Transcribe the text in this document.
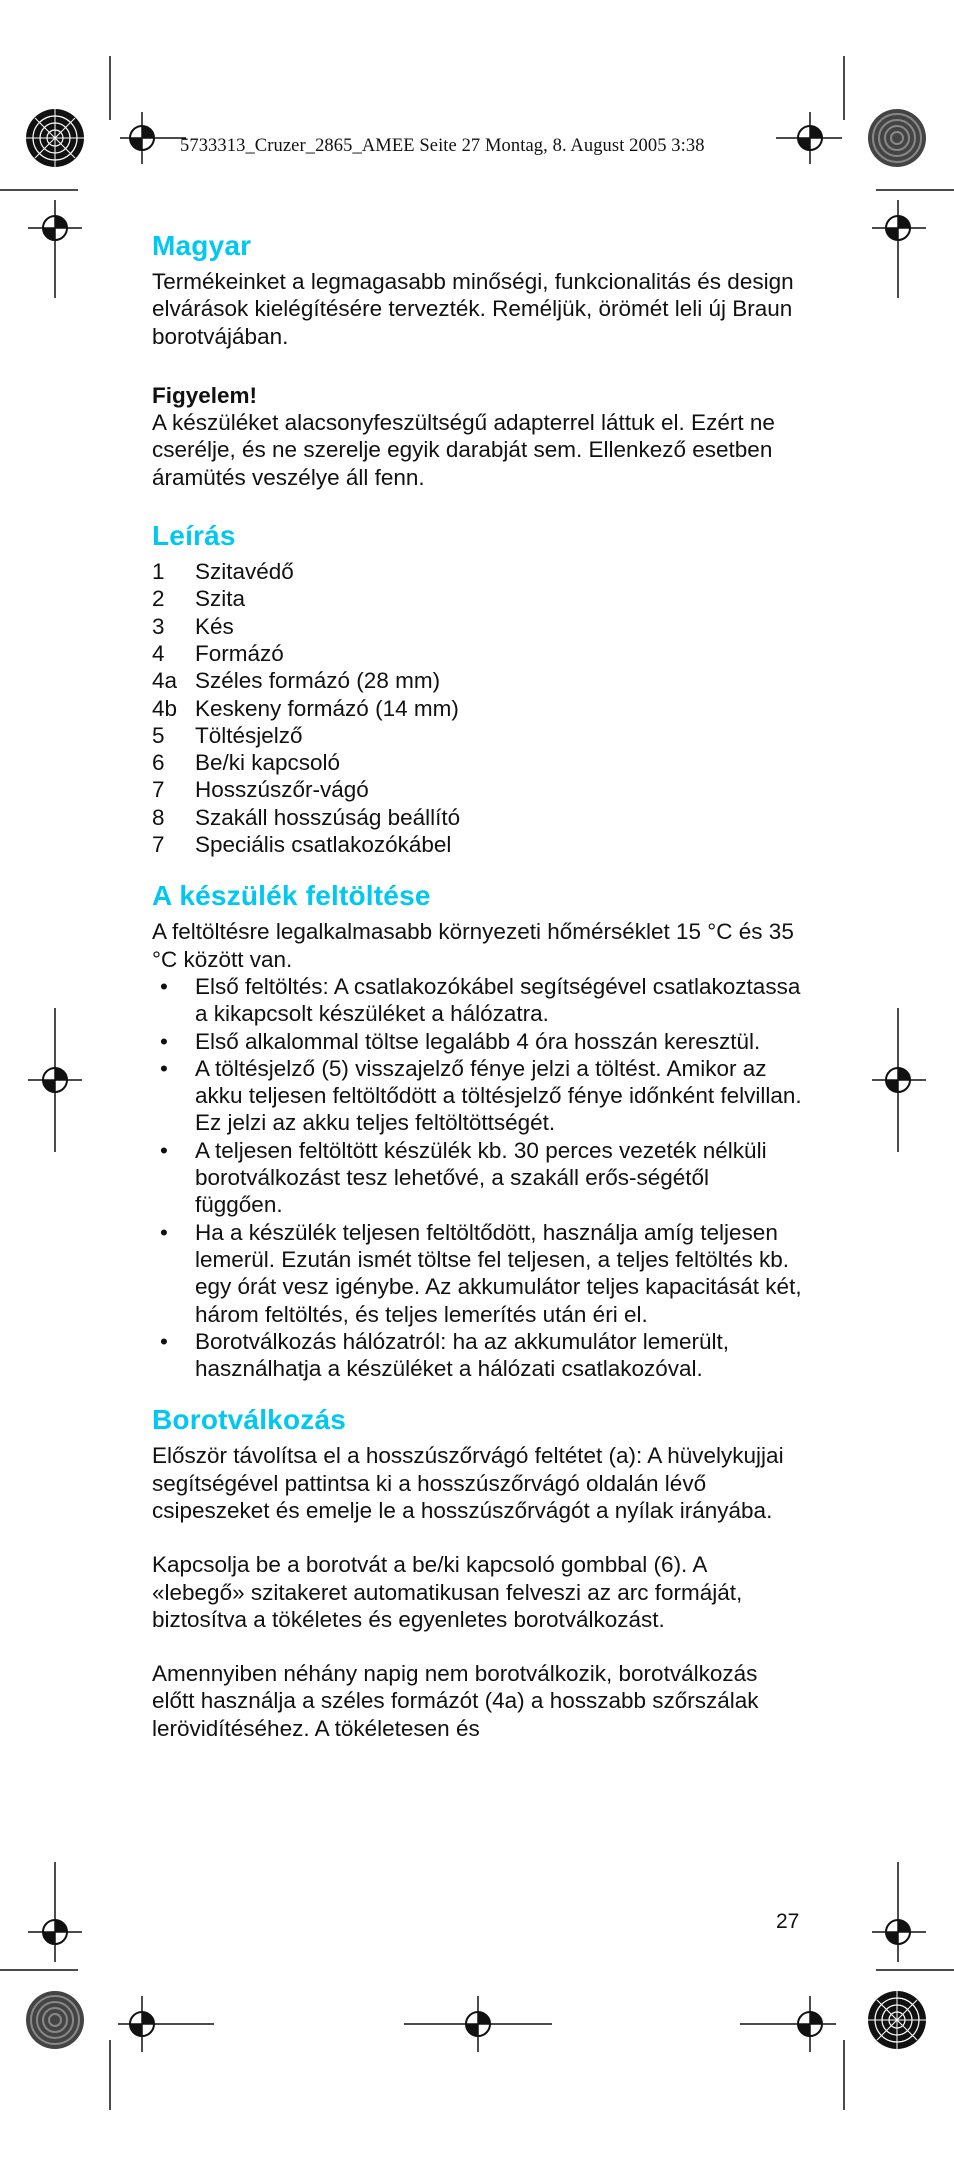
5733313_Cruzer_2865_AMEE Seite 27 Montag, 8. August 2005 3:38
Magyar

Termékeinket a legmagasabb minőségi, funkcionalitás és design elvárások kielégítésére tervezték. Reméljük, örömét leli új Braun borotvájában.

Figyelem!

A készüléket alacsonyfeszültségű adapterrel láttuk el. Ezért ne cserélje, és ne szerelje egyik darabját sem. Ellenkező esetben áramütés veszélye áll fenn.

Leírás
1	Szitavédő
2	Szita
3	Kés
4	Formázó
4a Széles formázó (28 mm)
4b Keskeny formázó (14 mm)
5	Töltésjelző
6	Be/ki kapcsoló
7	Hosszúszőr-vágó
8	Szakáll hosszúság beállító
7	Speciális csatlakozókábel
A készülék feltöltése

A feltöltésre legalkalmasabb környezeti hőmérséklet 15 °C és 35 °C között van.

•	Első feltöltés: A csatlakozókábel segítségével csatlakoztassa a kikapcsolt készüléket a hálózatra.
•	Első alkalommal töltse legalább 4 óra hosszán keresztül.
•	A töltésjelző (5) visszajelző fénye jelzi a töltést. Amikor az akku teljesen feltöltődött a töltésjelző fénye időnként felvillan. Ez jelzi az akku teljes feltöltöttségét.
•	A teljesen feltöltött készülék kb. 30 perces vezeték nélküli borotválkozást tesz lehetővé, a szakáll erős-ségétől függően.
•	Ha a készülék teljesen feltöltődött, használja amíg teljesen lemerül. Ezután ismét töltse fel teljesen, a teljes feltöltés kb. egy órát vesz igénybe. Az akkumulátor teljes kapacitását két, három feltöltés, és teljes lemerítés után éri el.
•	Borotválkozás hálózatról: ha az akkumulátor lemerült, használhatja a készüléket a hálózati csatlakozóval.
Borotválkozás

Először távolítsa el a hosszúszőrvágó feltétet (a): A hüvelykujjai segítségével pattintsa ki a hosszúszőrvágó oldalán lévő csipeszeket és emelje le a hosszúszőrvágót a nyílak irányába.

Kapcsolja be a borotvát a be/ki kapcsoló gombbal (6). A «lebegő» szitakeret automatikusan felveszi az arc formáját, biztosítva a tökéletes és egyenletes borotválkozást.

Amennyiben néhány napig nem borotválkozik, borotválkozás előtt használja a széles formázót (4a) a hosszabb szőrszálak lerövidítéséhez. A tökéletesen és

27
